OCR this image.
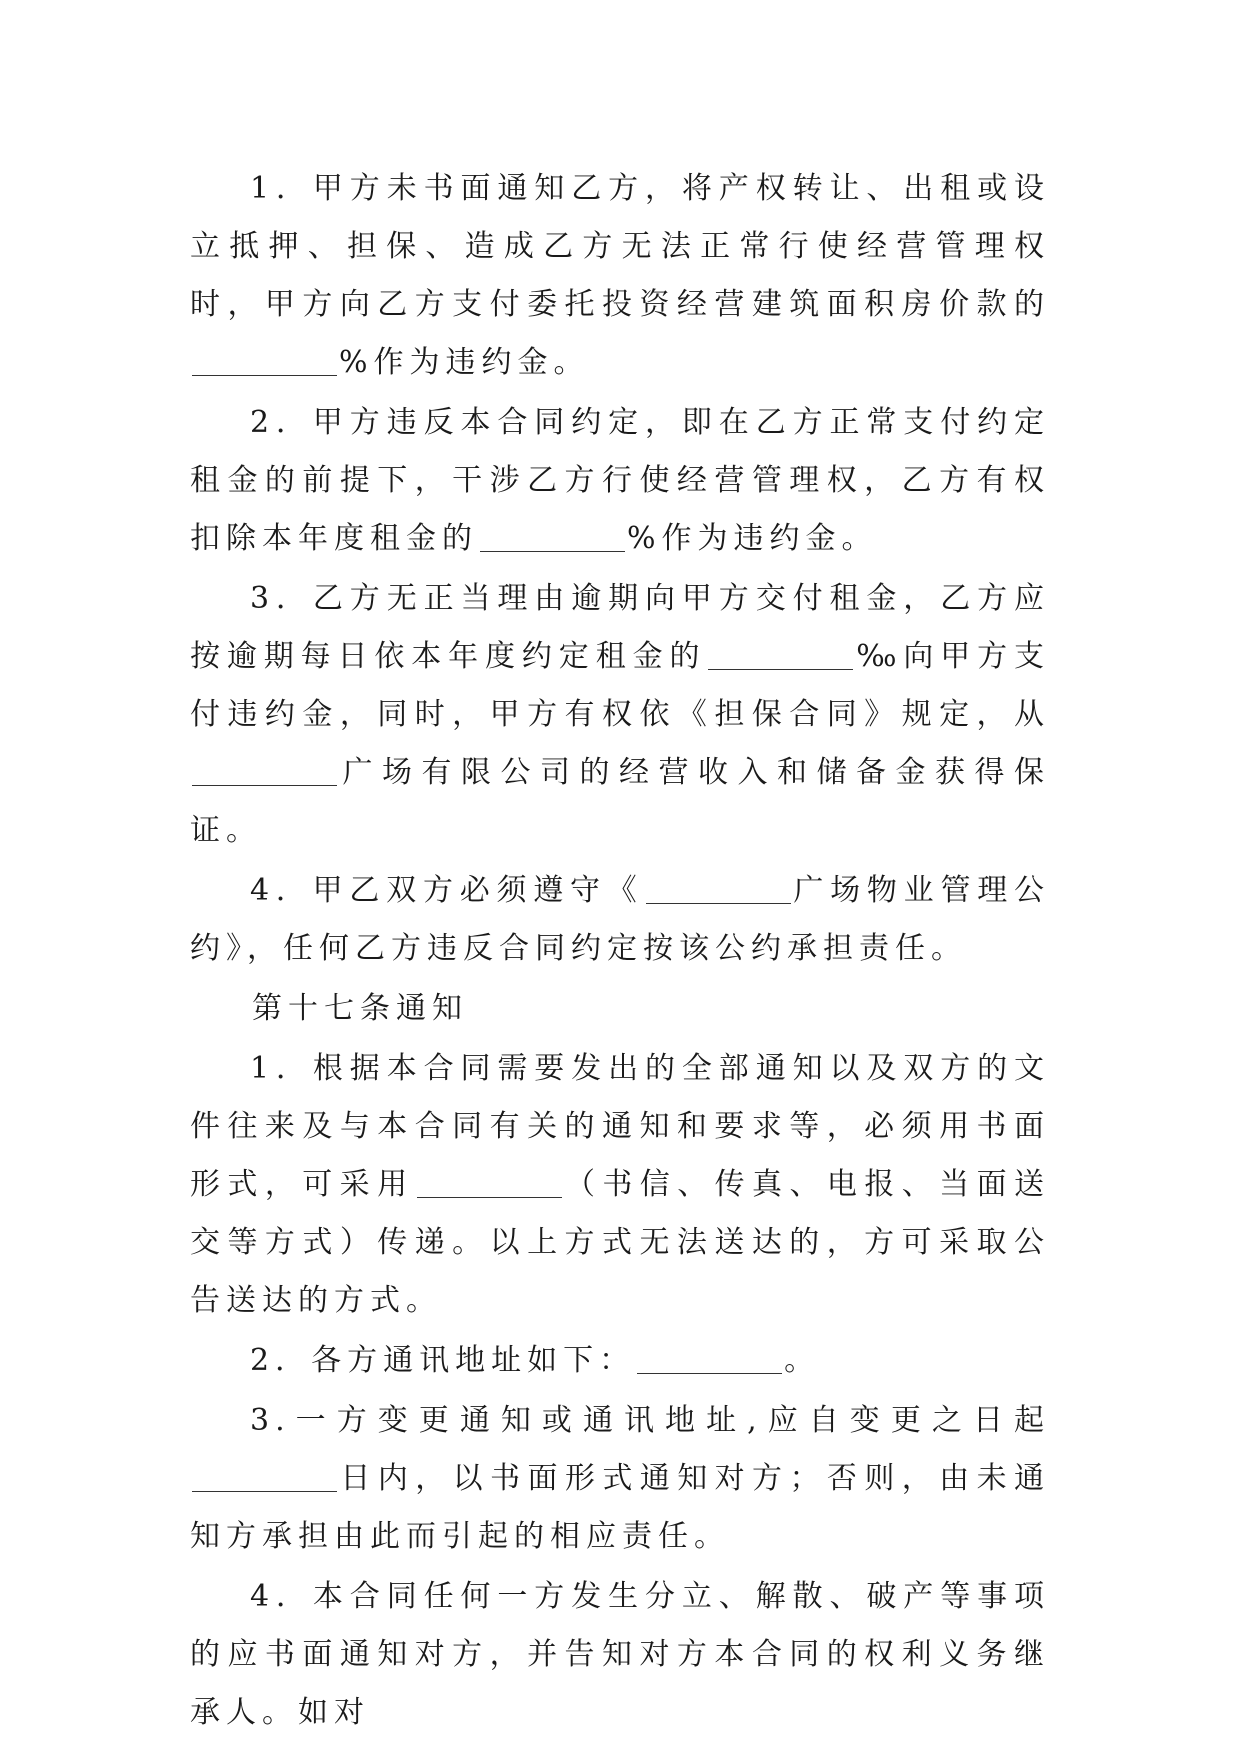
1．甲方未书面通知乙方，将产权转让、出租或设立抵押、担保、造成乙方无法正常行使经营管理权时，甲方向乙方支付委托投资经营建筑面积房价款的%作为违约金。

2．甲方违反本合同约定，即在乙方正常支付约定租金的前提下，干涉乙方行使经营管理权，乙方有权扣除本年度租金的	%作为违约金。

3．乙方无正当理由逾期向甲方交付租金，乙方应按逾期每日依本年度约定租金的	‰向甲方支付违约金，同时，甲方有权依《担保合同》规定，从广场有限公司的经营收入和储备金获得保证。

4．甲乙双方必须遵守《	广场物业管理公约》，任何乙方违反合同约定按该公约承担责任。

第十七条通知

1．根据本合同需要发出的全部通知以及双方的文件往来及与本合同有关的通知和要求等，必须用书面形式，可采用	（书信、传真、电报、当面送交等方式）传递。以上方式无法送达的，方可采取公告送达的方式。

2．各方通讯地址如下：	。

3.一方变更通知或通讯地址,应自变更之日起日内，以书面形式通知对方；否则，由未通知方承担由此而引起的相应责任。

4．本合同任何一方发生分立、解散、破产等事项的应书面通知对方，并告知对方本合同的权利义务继承人。如对
